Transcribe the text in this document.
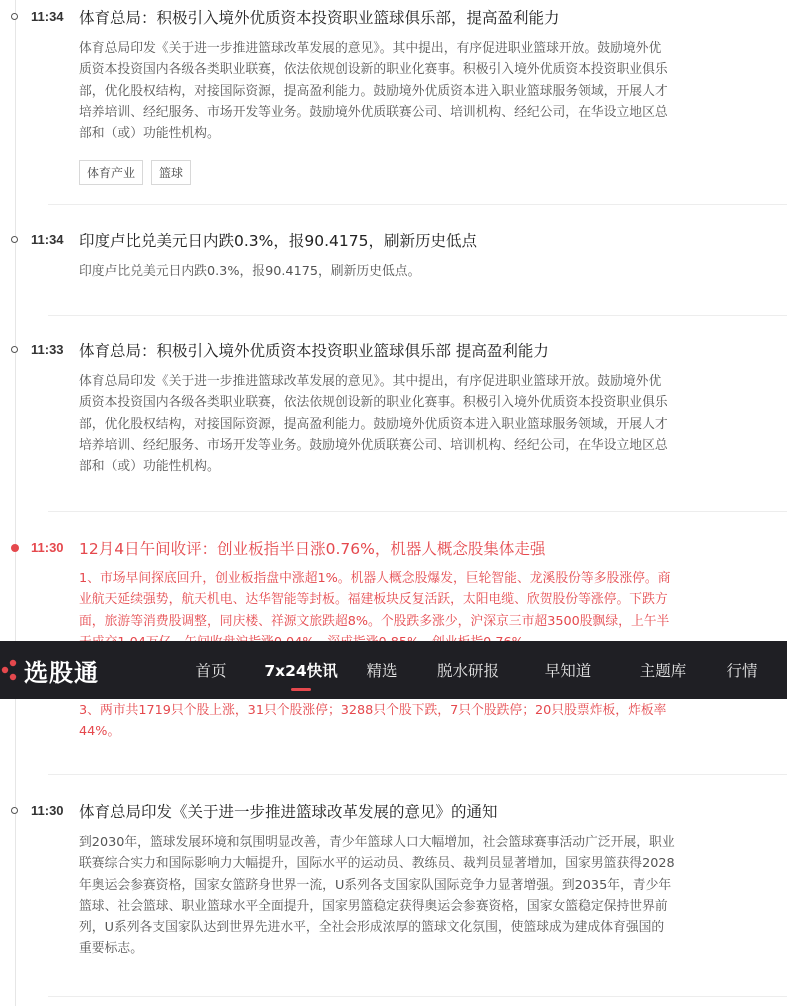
11:34 体育总局：积极引入境外优质资本投资职业篮球俱乐部，提高盈利能力
体育总局印发《关于进一步推进篮球改革发展的意见》。其中提出，有序促进职业篮球开放。鼓励境外优
质资本投资国内各级各类职业联赛，依法依规创设新的职业化赛事。积极引入境外优质资本投资职业俱乐
部，优化股权结构，对接国际资源，提高盈利能力。鼓励境外优质资本进入职业篮球服务领域，开展人才
培养培训、经纪服务、市场开发等业务。鼓励境外优质联赛公司、培训机构、经纪公司，在华设立地区总
部和（或）功能性机构。
体育产业	篮球
11:34 印度卢比兑美元日内跌0.3%，报90.4175，刷新历史低点
印度卢比兑美元日内跌0.3%，报90.4175，刷新历史低点。
11:33 体育总局：积极引入境外优质资本投资职业篮球俱乐部 提高盈利能力
体育总局印发《关于进一步推进篮球改革发展的意见》。其中提出，有序促进职业篮球开放。鼓励境外优
质资本投资国内各级各类职业联赛，依法依规创设新的职业化赛事。积极引入境外优质资本投资职业俱乐
部，优化股权结构，对接国际资源，提高盈利能力。鼓励境外优质资本进入职业篮球服务领域，开展人才
培养培训、经纪服务、市场开发等业务。鼓励境外优质联赛公司、培训机构、经纪公司，在华设立地区总
部和（或）功能性机构。
11:30 12月4日午间收评：创业板指半日涨0.76%，机器人概念股集体走强
1、市场早间探底回升，创业板指盘中涨超1%。机器人概念股爆发，巨轮智能、龙溪股份等多股涨停。商
业航天延续强势，航天机电、达华智能等封板。福建板块反复活跃，太阳电缆、欣贺股份等涨停。下跌方
面，旅游等消费股调整，同庆楼、祥源文旅跌超8%。个股跌多涨少，沪深京三市超3500股飘绿，上午半
3、两市共1719只个股上涨，31只个股涨停；3288只个股下跌，7只个股跌停；20只股票炸板，炸板率
44%。
11:30 体育总局印发《关于进一步推进篮球改革发展的意见》的通知
到2030年，篮球发展环境和氛围明显改善，青少年篮球人口大幅增加，社会篮球赛事活动广泛开展，职业
联赛综合实力和国际影响力大幅提升，国际水平的运动员、教练员、裁判员显著增加，国家男篮获得2028
年奥运会参赛资格，国家女篮跻身世界一流，U系列各支国家队国际竞争力显著增强。到2035年，青少年
篮球、社会篮球、职业篮球水平全面提升，国家男篮稳定获得奥运会参赛资格，国家女篮稳定保持世界前
列，U系列各支国家队达到世界先进水平，全社会形成浓厚的篮球文化氛围，使篮球成为建成体育强国的
重要标志。
选股通	首页	7x24快讯	精选	脱水研报	早知道	主题库	行情
